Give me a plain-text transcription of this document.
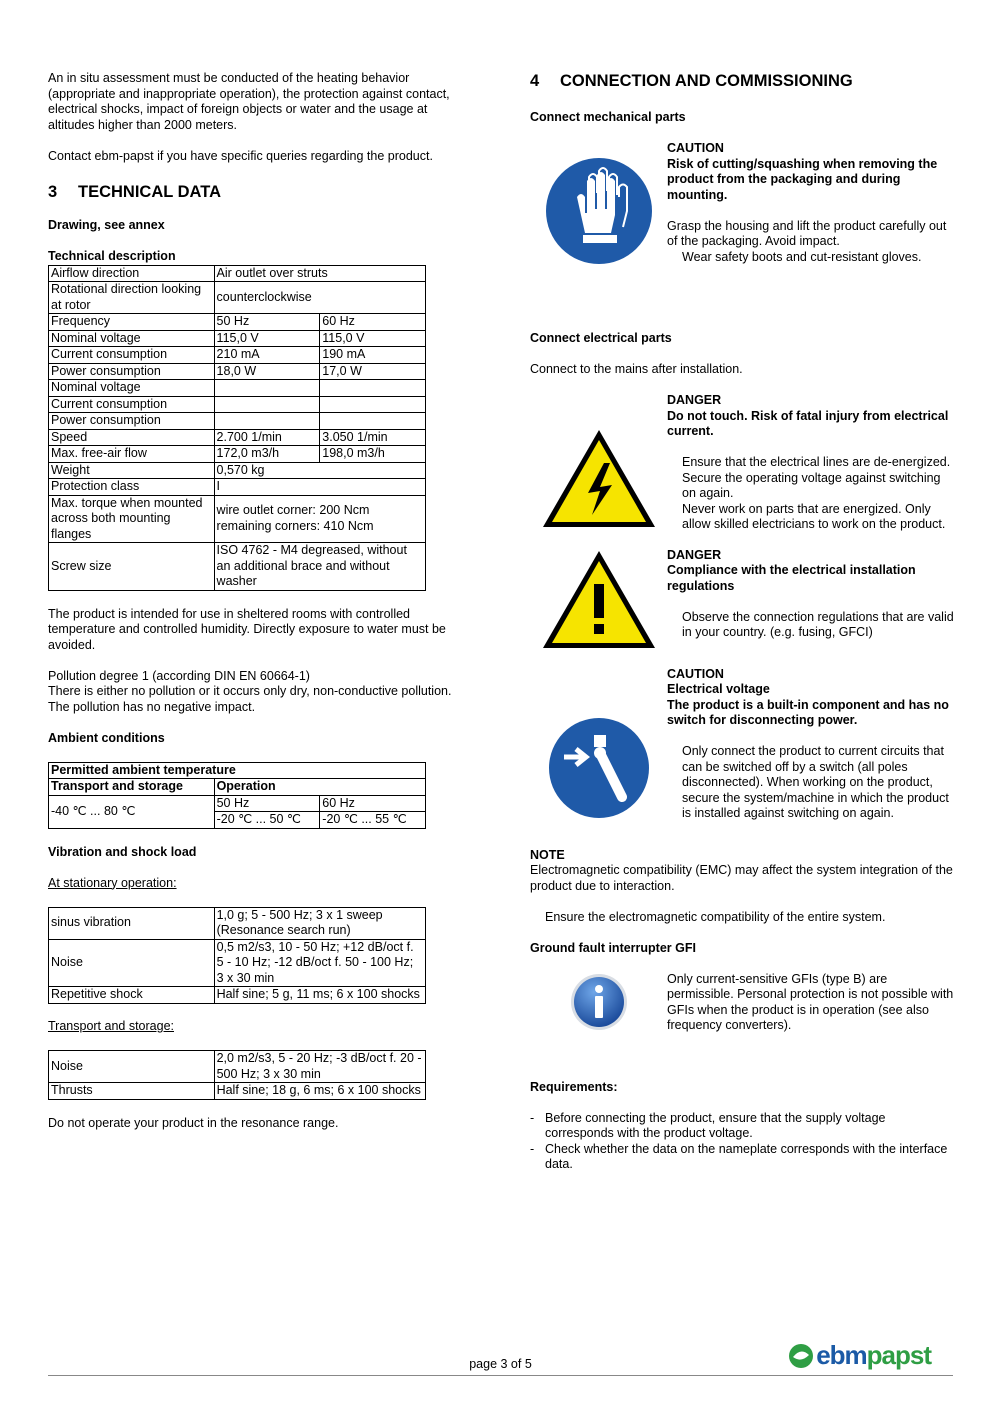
An in situ assessment must be conducted of the heating behavior (appropriate and inappropriate operation), the protection against contact, electrical shocks, impact of foreign objects or water and the usage at altitudes higher than 2000 meters.

Contact ebm-papst if you have specific queries regarding the product.

3 TECHNICAL DATA

Drawing, see annex

Technical description

Airflow direction	Air outlet over struts	
Rotational direction looking at rotor	counterclockwise	
Frequency	50 Hz	60 Hz
Nominal voltage	115,0 V	115,0 V
Current consumption	210 mA	190 mA
Power consumption	18,0 W	17,0 W
Nominal voltage		
Current consumption		
Power consumption		
Speed	2.700 1/min	3.050 1/min
Max. free-air flow	172,0 m3/h	198,0 m3/h
Weight	0,570 kg	
Protection class	I	
Max. torque when mounted across both mounting flanges	wire outlet corner: 200 Ncm remaining corners: 410 Ncm	
Screw size	ISO 4762 - M4 degreased, without an additional brace and without washer	

The product is intended for use in sheltered rooms with controlled temperature and controlled humidity. Directly exposure to water must be avoided.

Pollution degree 1 (according DIN EN 60664-1)

There is either no pollution or it occurs only dry, non-conductive pollution. The pollution has no negative impact.

Ambient conditions

Permitted ambient temperature		
Transport and storage	Operation	
-40 ℃ ... 80 ℃	50 Hz	60 Hz
	-20 ℃ ... 50 ℃	-20 ℃ ... 55 ℃

Vibration and shock load

At stationary operation:

sinus vibration	1,0 g; 5 - 500 Hz; 3 x 1 sweep (Resonance search run)
Noise	0,5 m2/s3, 10 - 50 Hz; +12 dB/oct f. 5 - 10 Hz; -12 dB/oct f. 50 - 100 Hz; 3 x 30 min
Repetitive shock	Half sine; 5 g, 11 ms; 6 x 100 shocks

Transport and storage:

Noise	2,0 m2/s3, 5 - 20 Hz; -3 dB/oct f. 20 - 500 Hz; 3 x 30 min
Thrusts	Half sine; 18 g, 6 ms; 6 x 100 shocks

Do not operate your product in the resonance range.

4 CONNECTION AND COMMISSIONING

Connect mechanical parts

CAUTION

Risk of cutting/squashing when removing the product from the packaging and during mounting.

Grasp the housing and lift the product carefully out of the packaging. Avoid impact.

Wear safety boots and cut-resistant gloves.

Connect electrical parts

Connect to the mains after installation.

DANGER

Do not touch. Risk of fatal injury from electrical current.

Ensure that the electrical lines are de-energized.

Secure the operating voltage against switching on again.

Never work on parts that are energized. Only allow skilled electricians to work on the product.

DANGER

Compliance with the electrical installation regulations

Observe the connection regulations that are valid in your country. (e.g. fusing, GFCI)

CAUTION

Electrical voltage

The product is a built-in component and has no switch for disconnecting power.

Only connect the product to current circuits that can be switched off by a switch (all poles disconnected). When working on the product, secure the system/machine in which the product is installed against switching on again.

NOTE

Electromagnetic compatibility (EMC) may affect the system integration of the product due to interaction.

Ensure the electromagnetic compatibility of the entire system.

Ground fault interrupter GFI

Only current-sensitive GFIs (type B) are permissible. Personal protection is not possible with GFIs when the product is in operation (see also frequency converters).

Requirements:

- Before connecting the product, ensure that the supply voltage corresponds with the product voltage.
- Check whether the data on the nameplate corresponds with the interface data.
page 3 of 5	ebm papst
